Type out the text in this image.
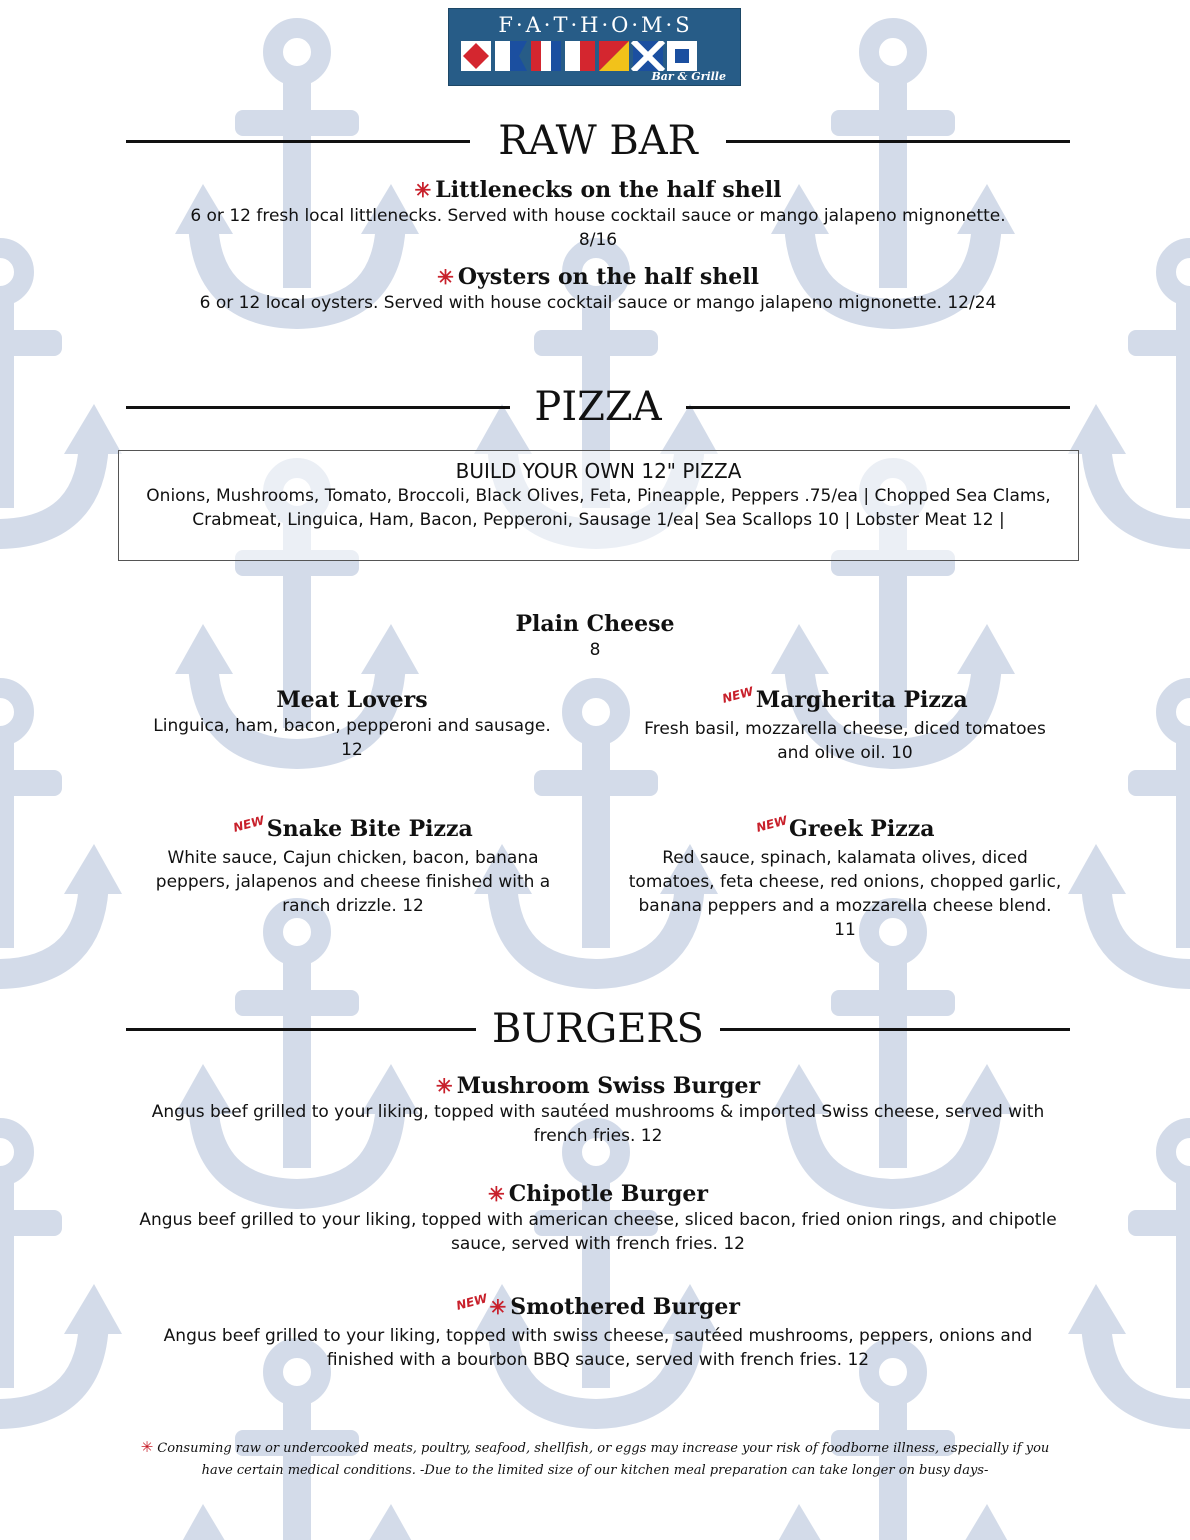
F·A·T·H·O·M·S
Bar & Grille
RAW BAR
✳ Littlenecks on the half shell
6 or 12 fresh local littlenecks. Served with house cocktail sauce or mango jalapeno mignonette.
8/16
✳ Oysters on the half shell
6 or 12 local oysters. Served with house cocktail sauce or mango jalapeno mignonette. 12/24
PIZZA
BUILD YOUR OWN 12" PIZZA
Onions, Mushrooms, Tomato, Broccoli, Black Olives, Feta, Pineapple, Peppers .75/ea | Chopped Sea Clams, Crabmeat, Linguica, Ham, Bacon, Pepperoni, Sausage 1/ea| Sea Scallops 10 | Lobster Meat 12 |
Plain Cheese
8
Meat Lovers
Linguica, ham, bacon, pepperoni and sausage. 12
NEWMargherita Pizza
Fresh basil, mozzarella cheese, diced tomatoes and olive oil. 10
NEWSnake Bite Pizza
White sauce, Cajun chicken, bacon, banana peppers, jalapenos and cheese finished with a ranch drizzle. 12
NEWGreek Pizza
Red sauce, spinach, kalamata olives, diced tomatoes, feta cheese, red onions, chopped garlic, banana peppers and a mozzarella cheese blend. 11
BURGERS
✳ Mushroom Swiss Burger
Angus beef grilled to your liking, topped with sautéed mushrooms & imported Swiss cheese, served with french fries. 12
✳ Chipotle Burger
Angus beef grilled to your liking, topped with american cheese, sliced bacon, fried onion rings, and chipotle sauce, served with french fries. 12
NEW✳ Smothered Burger
Angus beef grilled to your liking, topped with swiss cheese, sautéed mushrooms, peppers, onions and finished with a bourbon BBQ sauce, served with french fries. 12
✳ Consuming raw or undercooked meats, poultry, seafood, shellfish, or eggs may increase your risk of foodborne illness, especially if you have certain medical conditions. -Due to the limited size of our kitchen meal preparation can take longer on busy days-
